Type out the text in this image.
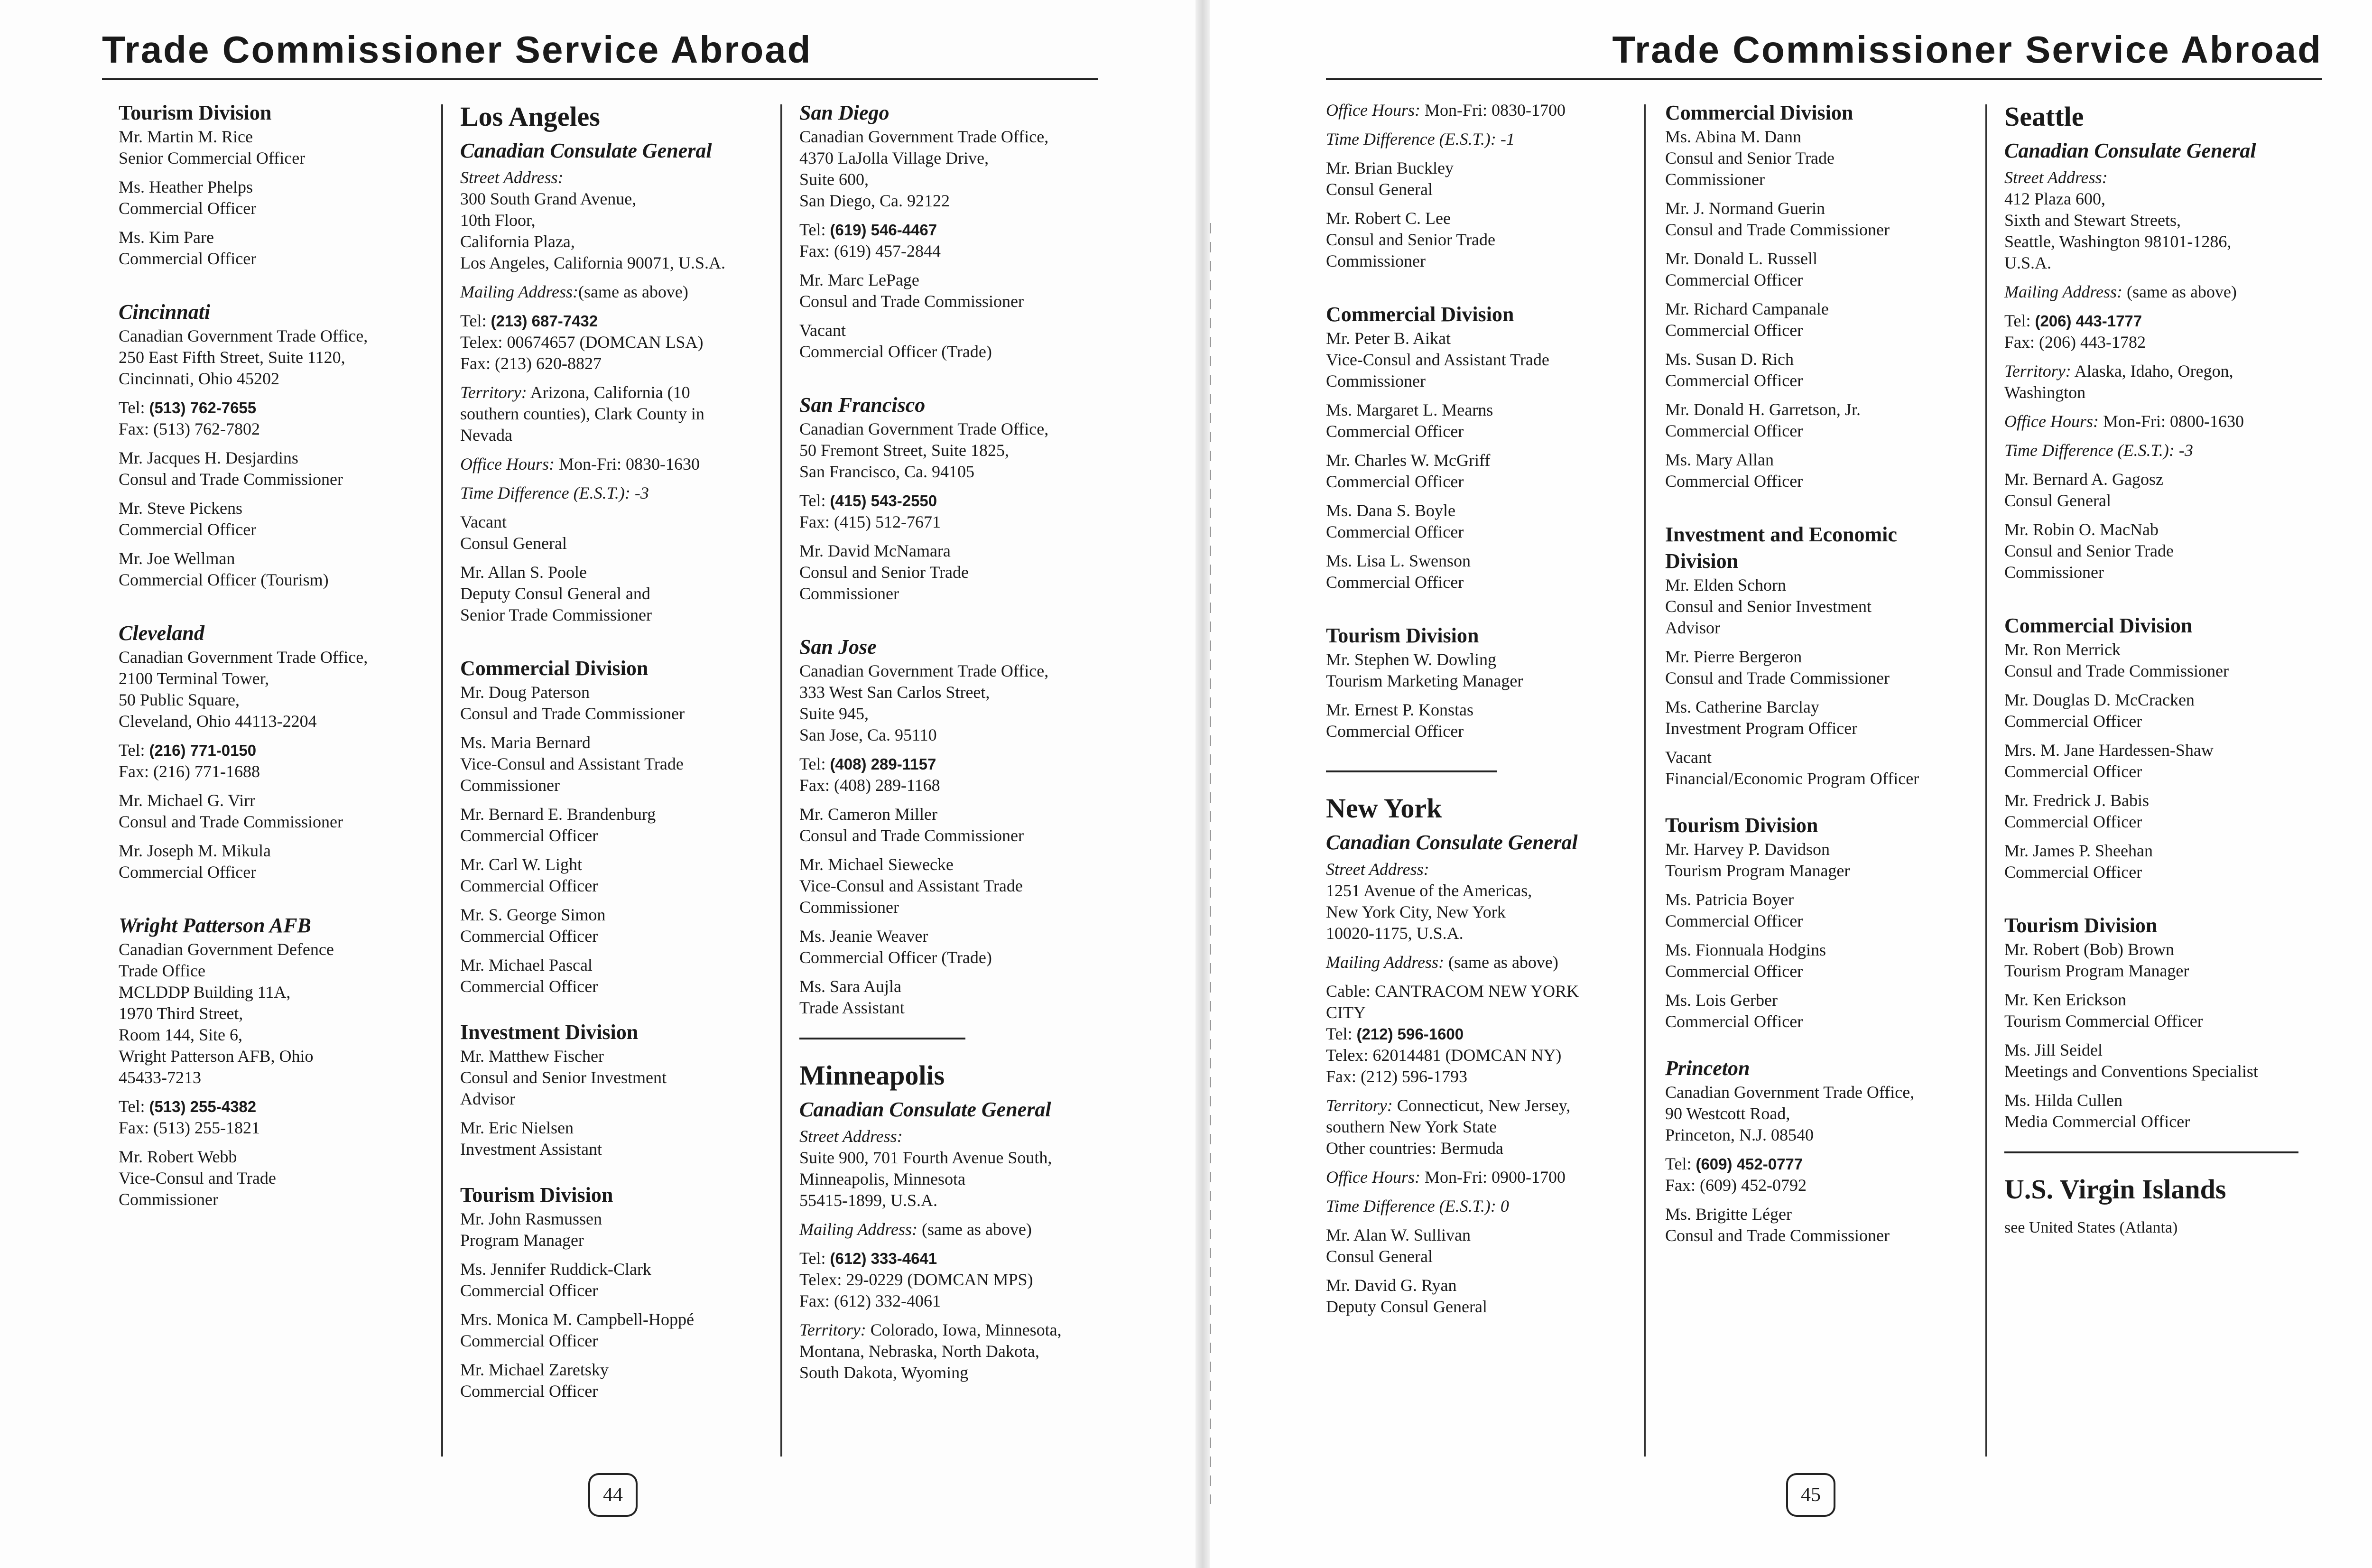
Trade Commissioner Service Abroad

Tourism Division

Mr. Martin M. Rice
Senior Commercial Officer
Ms. Heather Phelps
Commercial Officer
Ms. Kim Pare
Commercial Officer

Cincinnati

Canadian Government Trade Office,
250 East Fifth Street, Suite 1120,
Cincinnati, Ohio 45202
Tel: (513) 762-7655
Fax: (513) 762-7802
Mr. Jacques H. Desjardins
Consul and Trade Commissioner
Mr. Steve Pickens
Commercial Officer
Mr. Joe Wellman
Commercial Officer (Tourism)

Cleveland

Canadian Government Trade Office,
2100 Terminal Tower,
50 Public Square,
Cleveland, Ohio 44113-2204
Tel: (216) 771-0150
Fax: (216) 771-1688
Mr. Michael G. Virr
Consul and Trade Commissioner
Mr. Joseph M. Mikula
Commercial Officer

Wright Patterson AFB

Canadian Government Defence
Trade Office
MCLDDP Building 11A,
1970 Third Street,
Room 144, Site 6,
Wright Patterson AFB, Ohio
45433-7213
Tel: (513) 255-4382
Fax: (513) 255-1821
Mr. Robert Webb
Vice-Consul and Trade
Commissioner

Los Angeles

Canadian Consulate General

Street Address:
300 South Grand Avenue,
10th Floor,
California Plaza,
Los Angeles, California 90071, U.S.A.
Mailing Address:(same as above)
Tel: (213) 687-7432
Telex: 00674657 (DOMCAN LSA)
Fax: (213) 620-8827
Territory: Arizona, California (10
southern counties), Clark County in
Nevada
Office Hours: Mon-Fri: 0830-1630
Time Difference (E.S.T.): -3
Vacant
Consul General
Mr. Allan S. Poole
Deputy Consul General and
Senior Trade Commissioner

Commercial Division

Mr. Doug Paterson
Consul and Trade Commissioner
Ms. Maria Bernard
Vice-Consul and Assistant Trade
Commissioner
Mr. Bernard E. Brandenburg
Commercial Officer
Mr. Carl W. Light
Commercial Officer
Mr. S. George Simon
Commercial Officer
Mr. Michael Pascal
Commercial Officer

Investment Division

Mr. Matthew Fischer
Consul and Senior Investment
Advisor
Mr. Eric Nielsen
Investment Assistant

Tourism Division

Mr. John Rasmussen
Program Manager
Ms. Jennifer Ruddick-Clark
Commercial Officer
Mrs. Monica M. Campbell-Hoppé
Commercial Officer
Mr. Michael Zaretsky
Commercial Officer

San Diego

Canadian Government Trade Office,
4370 LaJolla Village Drive,
Suite 600,
San Diego, Ca. 92122
Tel: (619) 546-4467
Fax: (619) 457-2844
Mr. Marc LePage
Consul and Trade Commissioner
Vacant
Commercial Officer (Trade)

San Francisco

Canadian Government Trade Office,
50 Fremont Street, Suite 1825,
San Francisco, Ca. 94105
Tel: (415) 543-2550
Fax: (415) 512-7671
Mr. David McNamara
Consul and Senior Trade
Commissioner

San Jose

Canadian Government Trade Office,
333 West San Carlos Street,
Suite 945,
San Jose, Ca. 95110
Tel: (408) 289-1157
Fax: (408) 289-1168
Mr. Cameron Miller
Consul and Trade Commissioner
Mr. Michael Siewecke
Vice-Consul and Assistant Trade
Commissioner
Ms. Jeanie Weaver
Commercial Officer (Trade)
Ms. Sara Aujla
Trade Assistant

Minneapolis

Canadian Consulate General

Street Address:
Suite 900, 701 Fourth Avenue South,
Minneapolis, Minnesota
55415-1899, U.S.A.
Mailing Address: (same as above)
Tel: (612) 333-4641
Telex: 29-0229 (DOMCAN MPS)
Fax: (612) 332-4061
Territory: Colorado, Iowa, Minnesota,
Montana, Nebraska, North Dakota,
South Dakota, Wyoming
44
Trade Commissioner Service Abroad
Office Hours: Mon-Fri: 0830-1700
Time Difference (E.S.T.): -1
Mr. Brian Buckley
Consul General
Mr. Robert C. Lee
Consul and Senior Trade
Commissioner

Commercial Division

Mr. Peter B. Aikat
Vice-Consul and Assistant Trade
Commissioner
Ms. Margaret L. Mearns
Commercial Officer
Mr. Charles W. McGriff
Commercial Officer
Ms. Dana S. Boyle
Commercial Officer
Ms. Lisa L. Swenson
Commercial Officer

Tourism Division

Mr. Stephen W. Dowling
Tourism Marketing Manager
Mr. Ernest P. Konstas
Commercial Officer

New York

Canadian Consulate General

Street Address:
1251 Avenue of the Americas,
New York City, New York
10020-1175, U.S.A.
Mailing Address: (same as above)
Cable: CANTRACOM NEW YORK
CITY
Tel: (212) 596-1600
Telex: 62014481 (DOMCAN NY)
Fax: (212) 596-1793
Territory: Connecticut, New Jersey,
southern New York State
Other countries: Bermuda
Office Hours: Mon-Fri: 0900-1700
Time Difference (E.S.T.): 0
Mr. Alan W. Sullivan
Consul General
Mr. David G. Ryan
Deputy Consul General

Commercial Division

Ms. Abina M. Dann
Consul and Senior Trade
Commissioner
Mr. J. Normand Guerin
Consul and Trade Commissioner
Mr. Donald L. Russell
Commercial Officer
Mr. Richard Campanale
Commercial Officer
Ms. Susan D. Rich
Commercial Officer
Mr. Donald H. Garretson, Jr.
Commercial Officer
Ms. Mary Allan
Commercial Officer

Investment and Economic

Division

Mr. Elden Schorn
Consul and Senior Investment
Advisor
Mr. Pierre Bergeron
Consul and Trade Commissioner
Ms. Catherine Barclay
Investment Program Officer
Vacant
Financial/Economic Program Officer

Tourism Division

Mr. Harvey P. Davidson
Tourism Program Manager
Ms. Patricia Boyer
Commercial Officer
Ms. Fionnuala Hodgins
Commercial Officer
Ms. Lois Gerber
Commercial Officer

Princeton

Canadian Government Trade Office,
90 Westcott Road,
Princeton, N.J. 08540
Tel: (609) 452-0777
Fax: (609) 452-0792
Ms. Brigitte Léger
Consul and Trade Commissioner

Seattle

Canadian Consulate General

Street Address:
412 Plaza 600,
Sixth and Stewart Streets,
Seattle, Washington 98101-1286,
U.S.A.
Mailing Address: (same as above)
Tel: (206) 443-1777
Fax: (206) 443-1782
Territory: Alaska, Idaho, Oregon,
Washington
Office Hours: Mon-Fri: 0800-1630
Time Difference (E.S.T.): -3
Mr. Bernard A. Gagosz
Consul General
Mr. Robin O. MacNab
Consul and Senior Trade
Commissioner

Commercial Division

Mr. Ron Merrick
Consul and Trade Commissioner
Mr. Douglas D. McCracken
Commercial Officer
Mrs. M. Jane Hardessen-Shaw
Commercial Officer
Mr. Fredrick J. Babis
Commercial Officer
Mr. James P. Sheehan
Commercial Officer

Tourism Division

Mr. Robert (Bob) Brown
Tourism Program Manager
Mr. Ken Erickson
Tourism Commercial Officer
Ms. Jill Seidel
Meetings and Conventions Specialist
Ms. Hilda Cullen
Media Commercial Officer

U.S. Virgin Islands

see United States (Atlanta)
45
